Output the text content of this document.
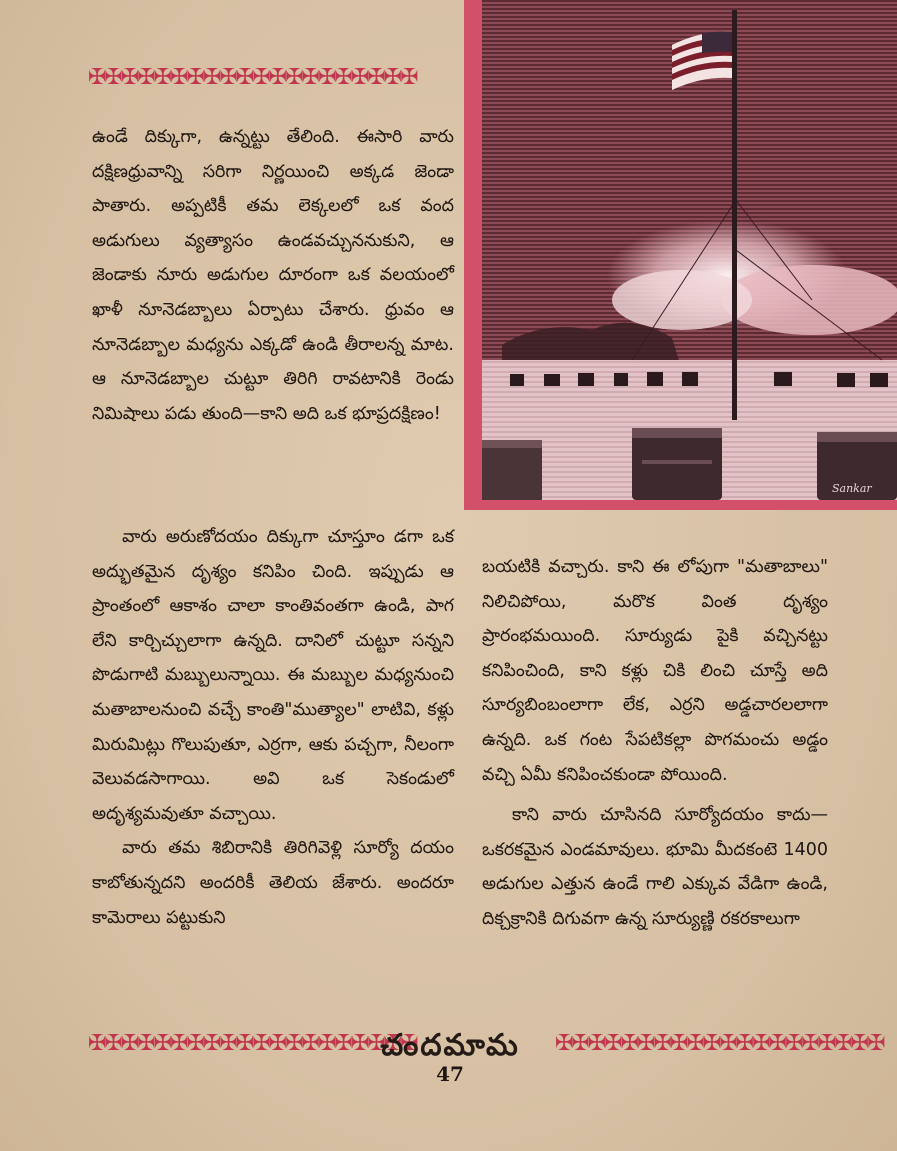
✠✠✠✠✠✠✠✠✠✠✠✠✠✠✠✠✠✠✠✠

ఉండే దిక్కుగా, ఉన్నట్టు తేలింది. ఈసారి వారు దక్షిణధ్రువాన్ని సరిగా నిర్ణయించి అక్కడ జెండా పాతారు. అప్పటికీ తమ లెక్కలలో ఒక వంద అడుగులు వ్యత్యాసం ఉండవచ్చుననుకుని, ఆ జెండాకు నూరు అడుగుల దూరంగా ఒక వలయంలో ఖాళీ నూనెడబ్బాలు ఏర్పాటు చేశారు. ధ్రువం ఆ నూనెడబ్బాల మధ్యను ఎక్కడో ఉండి తీరాలన్న మాట. ఆ నూనెడబ్బాల చుట్టూ తిరిగి రావటానికి రెండు నిమిషాలు పడు తుంది—కాని అది ఒక భూప్రదక్షిణం!

వారు అరుణోదయం దిక్కుగా చూస్తూం డగా ఒక అద్భుతమైన దృశ్యం కనిపిం చింది. ఇప్పుడు ఆ ప్రాంతంలో ఆకాశం చాలా కాంతివంతగా ఉండి, పాగ లేని కార్చిచ్చులాగా ఉన్నది. దానిలో చుట్టూ సన్నని పొడుగాటి మబ్బులున్నాయి. ఈ మబ్బుల మధ్యనుంచి మతాబాలనుంచి వచ్చే కాంతి"ముత్యాల" లాటివి, కళ్లు మిరుమిట్లు గొలుపుతూ, ఎర్రగా, ఆకు పచ్చగా, నీలంగా వెలువడసాగాయి. అవి ఒక సెకండులో అదృశ్యమవుతూ వచ్చాయి.

వారు తమ శిబిరానికి తిరిగివెళ్లి సూర్యో దయం కాబోతున్నదని అందరికీ తెలియ జేశారు. అందరూ కామెరాలు పట్టుకుని

బయటికి వచ్చారు. కాని ఈ లోపుగా "మతాబాలు" నిలిచిపోయి, మరొక వింత దృశ్యం ప్రారంభమయింది. సూర్యుడు పైకి వచ్చినట్టు కనిపించింది, కాని కళ్లు చికి లించి చూస్తే అది సూర్యబింబంలాగా లేక, ఎర్రని అడ్డచారలలాగా ఉన్నది. ఒక గంట సేపటికల్లా పొగమంచు అడ్డం వచ్చి ఏమీ కనిపించకుండా పోయింది.

కాని వారు చూసినది సూర్యోదయం కాదు—ఒకరకమైన ఎండమావులు. భూమి మీదకంటె 1400 అడుగుల ఎత్తున ఉండే గాలి ఎక్కువ వేడిగా ఉండి, దిక్చక్రానికి దిగువగా ఉన్న సూర్యుణ్ణి రకరకాలుగా

Sankar
✠✠✠✠✠✠✠✠✠✠✠✠✠✠✠✠✠✠✠✠
చందమామ	✠✠✠✠✠✠✠✠✠✠✠✠✠✠✠✠✠✠✠✠
47
